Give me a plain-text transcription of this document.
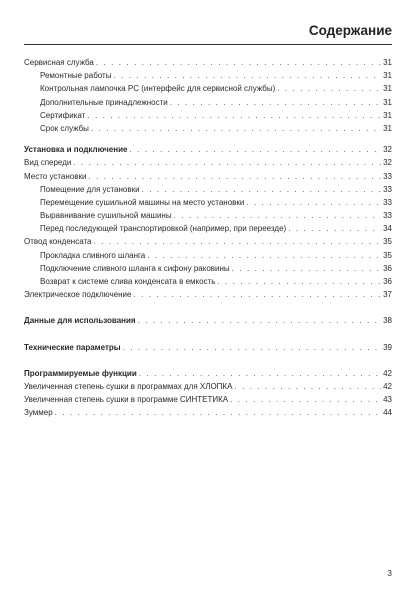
Содержание
Сервисная служба . . .	31
Ремонтные работы . . .	31
Контрольная лампочка PC (интерфейс для сервисной службы) . . .	31
Дополнительные принадлежности . . .	31
Сертификат . . .	31
Срок службы . . .	31
Установка и подключение . . .	32
Вид спереди . . .	32
Место установки . . .	33
Помещение для установки . . .	33
Перемещение сушильной машины на место установки . . .	33
Выравнивание сушильной машины . . .	33
Перед последующей транспортировкой (например, при переезде) . . .	34
Отвод конденсата . . .	35
Прокладка сливного шланга . . .	35
Подключение сливного шланга к сифону раковины . . .	36
Возврат к системе слива конденсата в емкость . . .	36
Электрическое подключение . . .	37
Данные для использования . . .	38
Технические параметры . . .	39
Программируемые функции . . .	42
Увеличенная степень сушки в программах для ХЛОПКА . . .	42
Увеличенная степень сушки в программе СИНТЕТИКА . . .	43
Зуммер . . .	44
3
